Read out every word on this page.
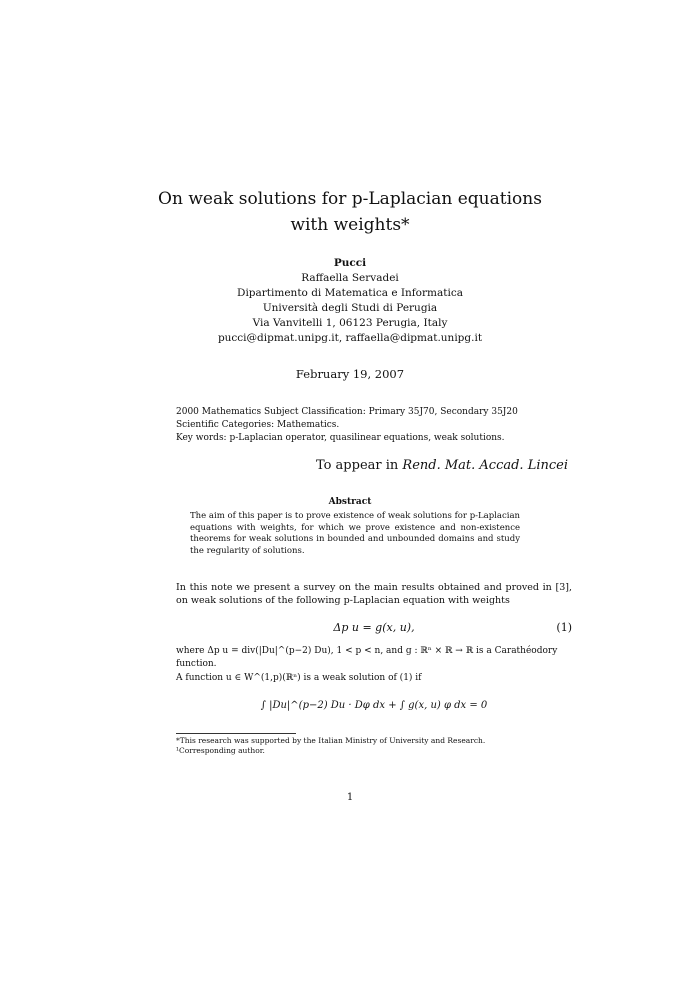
On weak solutions for p-Laplacian equations
with weights*
Pucci
Raffaella Servadei
Dipartimento di Matematica e Informatica
Università degli Studi di Perugia
Via Vanvitelli 1, 06123 Perugia, Italy
pucci@dipmat.unipg.it, raffaella@dipmat.unipg.it
February 19, 2007
2000 Mathematics Subject Classification: Primary 35J70, Secondary 35J20
Scientific Categories: Mathematics.
Key words: p-Laplacian operator, quasilinear equations, weak solutions.
To appear in Rend. Mat. Accad. Lincei
Abstract
The aim of this paper is to prove existence of weak solutions for p-Laplacian equations with weights, for which we prove existence and non-existence theorems for weak solutions in bounded and unbounded domains and study the regularity of solutions.
In this note we present a survey on the main results obtained and proved in [3], on weak solutions of the following p-Laplacian equation with weights
Δp u = g(x, u),	(1)
where Δp u = div(|Du|^(p−2) Du), 1 < p < n, and g : ℝⁿ × ℝ → ℝ is a Carathéodory function.
A function u ∈ W^(1,p)(ℝⁿ) is a weak solution of (1) if
∫ |Du|^(p−2) Du · Dφ dx + ∫ g(x, u) φ dx = 0
*This research was supported by the Italian Ministry of University and Research.
¹Corresponding author.
1
